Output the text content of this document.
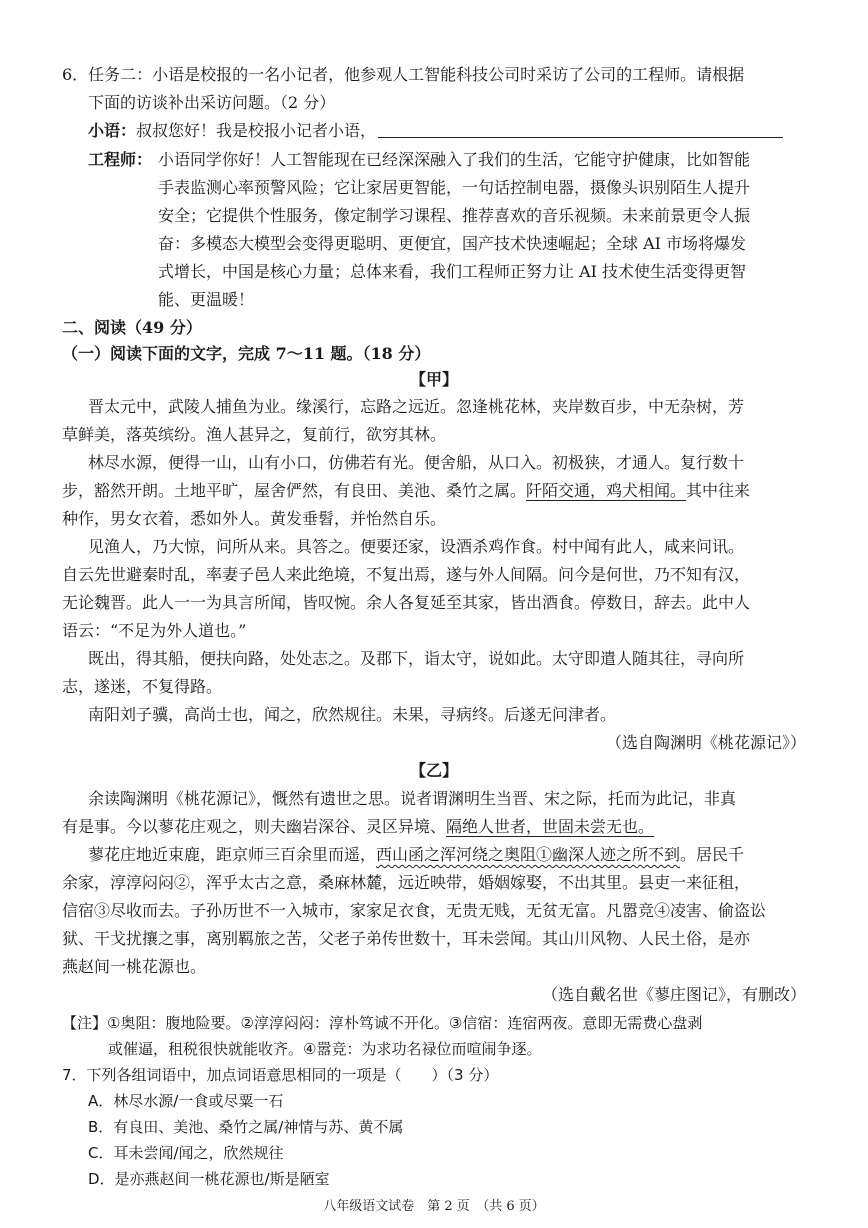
6．任务二：小语是校报的一名小记者，他参观人工智能科技公司时采访了公司的工程师。请根据
下面的访谈补出采访问题。（2 分）
小语：叔叔您好！我是校报小记者小语，
工程师： 小语同学你好！人工智能现在已经深深融入了我们的生活，它能守护健康，比如智能
手表监测心率预警风险；它让家居更智能，一句话控制电器，摄像头识别陌生人提升
安全；它提供个性服务，像定制学习课程、推荐喜欢的音乐视频。未来前景更令人振
奋：多模态大模型会变得更聪明、更便宜，国产技术快速崛起；全球 AI 市场将爆发
式增长，中国是核心力量；总体来看，我们工程师正努力让 AI 技术使生活变得更智
能、更温暖！
二、阅读（49 分）
（一）阅读下面的文字，完成 7～11 题。（18 分）
【甲】
晋太元中，武陵人捕鱼为业。缘溪行，忘路之远近。忽逢桃花林，夹岸数百步，中无杂树，芳
草鲜美，落英缤纷。渔人甚异之，复前行，欲穷其林。
林尽水源，便得一山，山有小口，仿佛若有光。便舍船，从口入。初极狭，才通人。复行数十
步，豁然开朗。土地平旷，屋舍俨然，有良田、美池、桑竹之属。阡陌交通，鸡犬相闻。其中往来
种作，男女衣着，悉如外人。黄发垂髫，并怡然自乐。
见渔人，乃大惊，问所从来。具答之。便要还家，设酒杀鸡作食。村中闻有此人，咸来问讯。
自云先世避秦时乱，率妻子邑人来此绝境，不复出焉，遂与外人间隔。问今是何世，乃不知有汉，
无论魏晋。此人一一为具言所闻，皆叹惋。余人各复延至其家，皆出酒食。停数日，辞去。此中人
语云：“不足为外人道也。”
既出，得其船，便扶向路，处处志之。及郡下，诣太守，说如此。太守即遣人随其往，寻向所
志，遂迷，不复得路。
南阳刘子骥，高尚士也，闻之，欣然规往。未果，寻病终。后遂无问津者。
（选自陶渊明《桃花源记》）
【乙】
余读陶渊明《桃花源记》，慨然有遗世之思。说者谓渊明生当晋、宋之际，托而为此记，非真
有是事。今以蓼花庄观之，则夫幽岩深谷、灵区异境、隔绝人世者，世固未尝无也。
蓼花庄地近束鹿，距京师三百余里而遥，西山函之浑河绕之奥阻①幽深人迹之所不到。居民千
余家，淳淳闷闷②，浑乎太古之意，桑麻林麓，远近映带，婚姻嫁娶，不出其里。县吏一来征租，
信宿③尽收而去。子孙历世不一入城市，家家足衣食，无贵无贱，无贫无富。凡嚣竞④凌害、偷盗讼
狱、干戈扰攘之事，离别羁旅之苦，父老子弟传世数十，耳未尝闻。其山川风物、人民土俗，是亦
燕赵间一桃花源也。
（选自戴名世《蓼庄图记》，有删改）
【注】①奥阻：腹地险要。②淳淳闷闷：淳朴笃诚不开化。③信宿：连宿两夜。意即无需费心盘剥
或催逼，租税很快就能收齐。④嚣竞：为求功名禄位而喧闹争逐。
7．下列各组词语中，加点词语意思相同的一项是（　　）（3 分）
A．林尽水源/一食或尽粟一石
B．有良田、美池、桑竹之属/神情与苏、黄不属
C．耳未尝闻/闻之，欣然规往
D．是亦燕赵间一桃花源也/斯是陋室
八年级语文试卷　第 2 页　（共 6 页）
